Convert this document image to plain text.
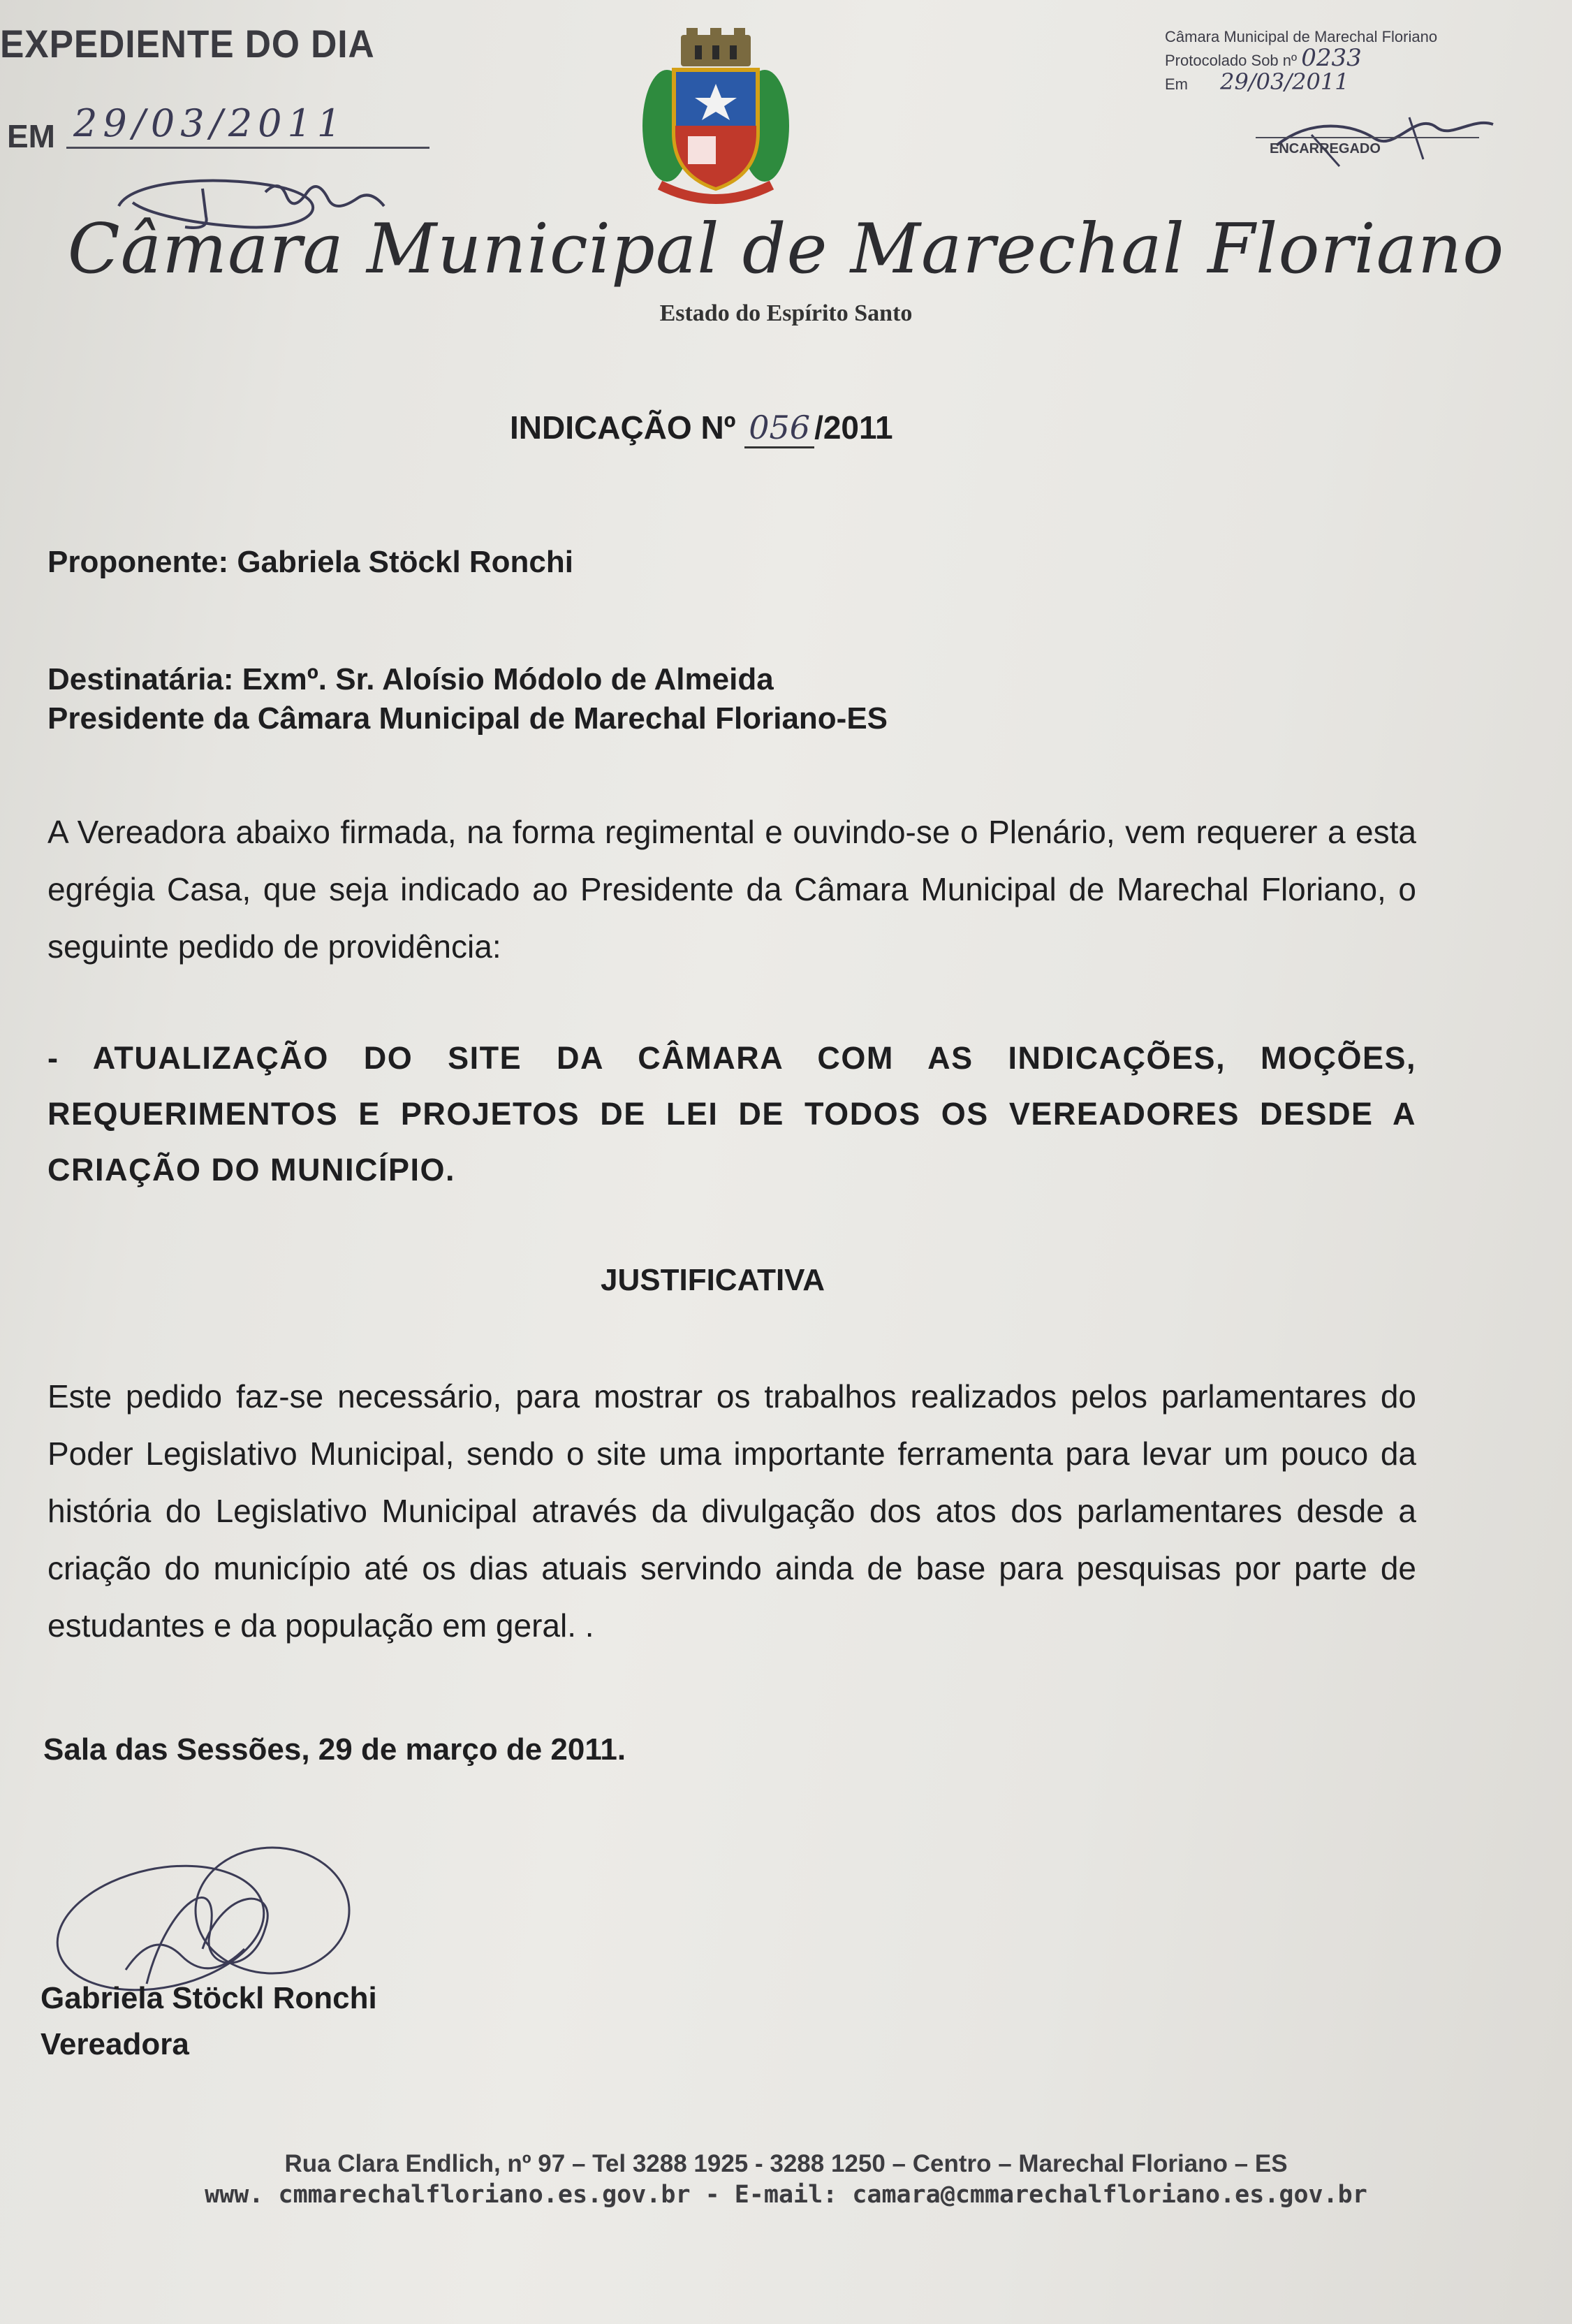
EXPEDIENTE DO DIA
EM 29/03/2011
Câmara Municipal de Marechal Floriano
Protocolado Sob nº 0233
Em 29/03/2011
ENCARREGADO
Câmara Municipal de Marechal Floriano
Estado do Espírito Santo
INDICAÇÃO Nº 056 /2011
Proponente: Gabriela Stöckl Ronchi
Destinatária: Exmº. Sr. Aloísio Módolo de Almeida
Presidente da Câmara Municipal de Marechal Floriano-ES
A Vereadora abaixo firmada, na forma regimental e ouvindo-se o Plenário, vem requerer a esta egrégia Casa, que seja indicado ao Presidente da Câmara Municipal de Marechal Floriano, o seguinte pedido de providência:
- ATUALIZAÇÃO DO SITE DA CÂMARA COM AS INDICAÇÕES, MOÇÕES, REQUERIMENTOS E PROJETOS DE LEI DE TODOS OS VEREADORES DESDE A CRIAÇÃO DO MUNICÍPIO.
JUSTIFICATIVA
Este pedido faz-se necessário, para mostrar os trabalhos realizados pelos parlamentares do Poder Legislativo Municipal, sendo o site uma importante ferramenta para levar um pouco da história do Legislativo Municipal através da divulgação dos atos dos parlamentares desde a criação do município até os dias atuais servindo ainda de base para pesquisas por parte de estudantes e da população em geral. .
Sala das Sessões, 29 de março de 2011.
Gabriela Stöckl Ronchi
Vereadora
Rua Clara Endlich, nº 97 – Tel 3288 1925 - 3288 1250 – Centro – Marechal Floriano – ES
www. cmmarechalfloriano.es.gov.br - E-mail: camara@cmmarechalfloriano.es.gov.br
